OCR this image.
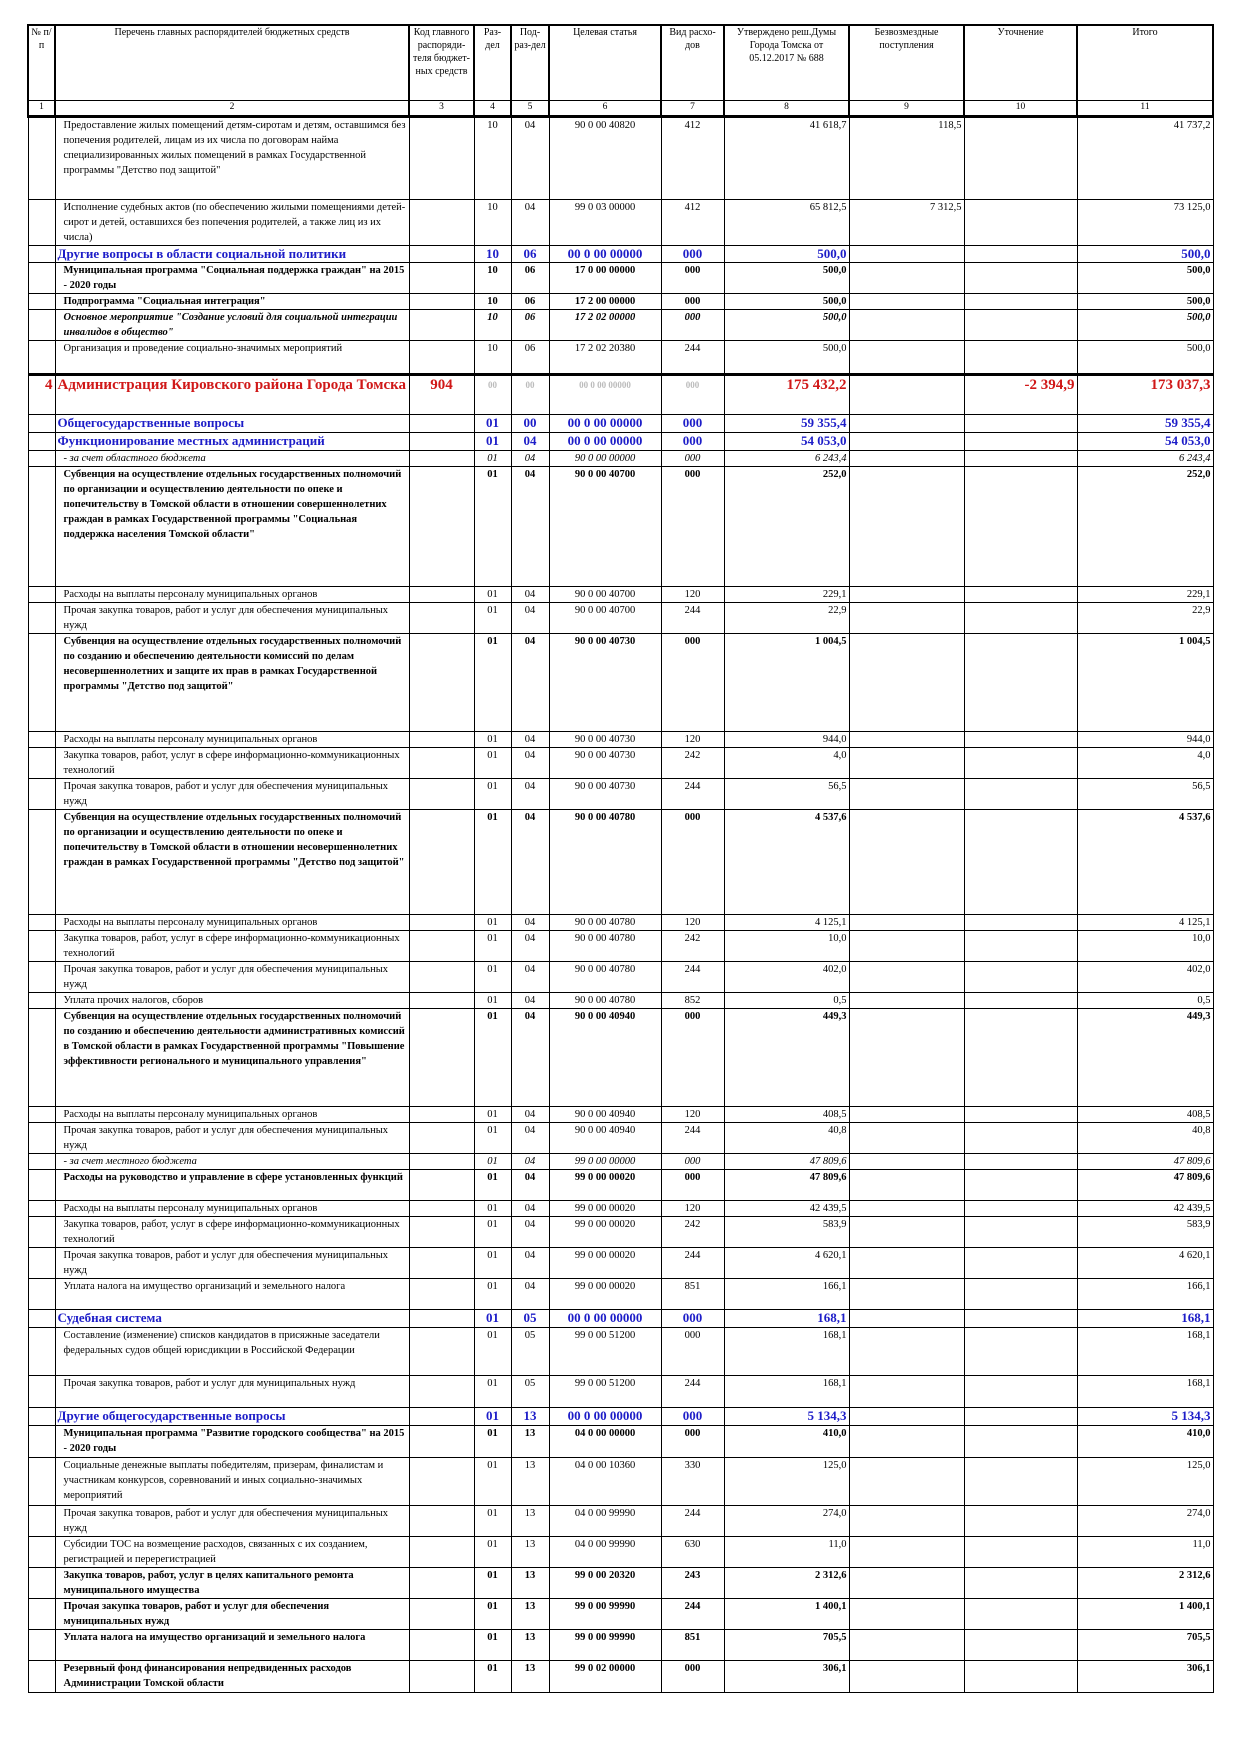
№ п/п	Перечень главных распорядителей бюджетных средств	Код главного распоряди-теля бюджет-ных средств	Раз-дел	Под-раз-дел	Целевая статья	Вид расхо-дов	Утверждено реш.Думы Города Томска от 05.12.2017 № 688	Безвозмездные поступления	Уточнение	Итого
1	2	3	4	5	6	7	8	9	10	11
	Предоставление жилых помещений детям-сиротам и детям, оставшимся без попечения родителей, лицам из их числа по договорам найма специализированных жилых помещений в рамках Государственной программы "Детство под защитой"		10	04	90 0 00 40820	412	41 618,7	118,5		41 737,2
	Исполнение судебных актов (по обеспечению жилыми помещениями детей-сирот и детей, оставшихся без попечения родителей, а также лиц из их числа)		10	04	99 0 03 00000	412	65 812,5	7 312,5		73 125,0
	Другие вопросы в области социальной политики		10	06	00 0 00 00000	000	500,0			500,0
	Муниципальная программа "Социальная поддержка граждан" на 2015 - 2020 годы		10	06	17 0 00 00000	000	500,0			500,0
	Подпрограмма "Социальная интеграция"		10	06	17 2 00 00000	000	500,0			500,0
	Основное мероприятие "Создание условий для социальной интеграции инвалидов в общество"		10	06	17 2 02 00000	000	500,0			500,0
	Организация и проведение социально-значимых мероприятий		10	06	17 2 02 20380	244	500,0			500,0
4	Администрация Кировского района Города Томска	904	00	00	00 0 00 00000	000	175 432,2		-2 394,9	173 037,3
	Общегосударственные вопросы		01	00	00 0 00 00000	000	59 355,4			59 355,4
	Функционирование местных администраций		01	04	00 0 00 00000	000	54 053,0			54 053,0
	- за счет областного бюджета		01	04	90 0 00 00000	000	6 243,4			6 243,4
	Субвенция на осуществление отдельных государственных полномочий по организации и осуществлению деятельности по опеке и попечительству в Томской области в отношении совершеннолетних граждан в рамках Государственной программы "Социальная поддержка населения Томской области"		01	04	90 0 00 40700	000	252,0			252,0
	Расходы на выплаты персоналу муниципальных органов		01	04	90 0 00 40700	120	229,1			229,1
	Прочая закупка товаров, работ и услуг для обеспечения муниципальных нужд		01	04	90 0 00 40700	244	22,9			22,9
	Субвенция на осуществление отдельных государственных полномочий по созданию и обеспечению деятельности комиссий по делам несовершеннолетних и защите их прав в рамках Государственной программы "Детство под защитой"		01	04	90 0 00 40730	000	1 004,5			1 004,5
	Расходы на выплаты персоналу муниципальных органов		01	04	90 0 00 40730	120	944,0			944,0
	Закупка товаров, работ, услуг в сфере информационно-коммуникационных технологий		01	04	90 0 00 40730	242	4,0			4,0
	Прочая закупка товаров, работ и услуг для обеспечения муниципальных нужд		01	04	90 0 00 40730	244	56,5			56,5
	Субвенция на осуществление отдельных государственных полномочий по организации и осуществлению деятельности по опеке и попечительству в Томской области в отношении несовершеннолетних граждан в рамках Государственной программы "Детство под защитой"		01	04	90 0 00 40780	000	4 537,6			4 537,6
	Расходы на выплаты персоналу муниципальных органов		01	04	90 0 00 40780	120	4 125,1			4 125,1
	Закупка товаров, работ, услуг в сфере информационно-коммуникационных технологий		01	04	90 0 00 40780	242	10,0			10,0
	Прочая закупка товаров, работ и услуг для обеспечения муниципальных нужд		01	04	90 0 00 40780	244	402,0			402,0
	Уплата прочих налогов, сборов		01	04	90 0 00 40780	852	0,5			0,5
	Субвенция на осуществление отдельных государственных полномочий по созданию и обеспечению деятельности административных комиссий в Томской области в рамках Государственной программы "Повышение эффективности регионального и муниципального управления"		01	04	90 0 00 40940	000	449,3			449,3
	Расходы на выплаты персоналу муниципальных органов		01	04	90 0 00 40940	120	408,5			408,5
	Прочая закупка товаров, работ и услуг для обеспечения муниципальных нужд		01	04	90 0 00 40940	244	40,8			40,8
	- за счет местного бюджета		01	04	99 0 00 00000	000	47 809,6			47 809,6
	Расходы на руководство и управление в сфере установленных функций		01	04	99 0 00 00020	000	47 809,6			47 809,6
	Расходы на выплаты персоналу муниципальных органов		01	04	99 0 00 00020	120	42 439,5			42 439,5
	Закупка товаров, работ, услуг в сфере информационно-коммуникационных технологий		01	04	99 0 00 00020	242	583,9			583,9
	Прочая закупка товаров, работ и услуг для обеспечения муниципальных нужд		01	04	99 0 00 00020	244	4 620,1			4 620,1
	Уплата налога на имущество организаций и земельного налога		01	04	99 0 00 00020	851	166,1			166,1
	Судебная система		01	05	00 0 00 00000	000	168,1			168,1
	Составление (изменение) списков кандидатов в присяжные заседатели федеральных судов общей юрисдикции в Российской Федерации		01	05	99 0 00 51200	000	168,1			168,1
	Прочая закупка товаров, работ и услуг для муниципальных нужд		01	05	99 0 00 51200	244	168,1			168,1
	Другие общегосударственные вопросы		01	13	00 0 00 00000	000	5 134,3			5 134,3
	Муниципальная программа "Развитие городского сообщества" на 2015 - 2020 годы		01	13	04 0 00 00000	000	410,0			410,0
	Социальные денежные выплаты победителям, призерам, финалистам и участникам конкурсов, соревнований и иных социально-значимых мероприятий		01	13	04 0 00 10360	330	125,0			125,0
	Прочая закупка товаров, работ и услуг для обеспечения муниципальных нужд		01	13	04 0 00 99990	244	274,0			274,0
	Субсидии ТОС на возмещение расходов, связанных с их созданием, регистрацией и перерегистрацией		01	13	04 0 00 99990	630	11,0			11,0
	Закупка товаров, работ, услуг в целях капитального ремонта муниципального имущества		01	13	99 0 00 20320	243	2 312,6			2 312,6
	Прочая закупка товаров, работ и услуг для обеспечения муниципальных нужд		01	13	99 0 00 99990	244	1 400,1			1 400,1
	Уплата налога на имущество организаций и земельного налога		01	13	99 0 00 99990	851	705,5			705,5
	Резервный фонд финансирования непредвиденных расходов Администрации Томской области		01	13	99 0 02 00000	000	306,1			306,1
